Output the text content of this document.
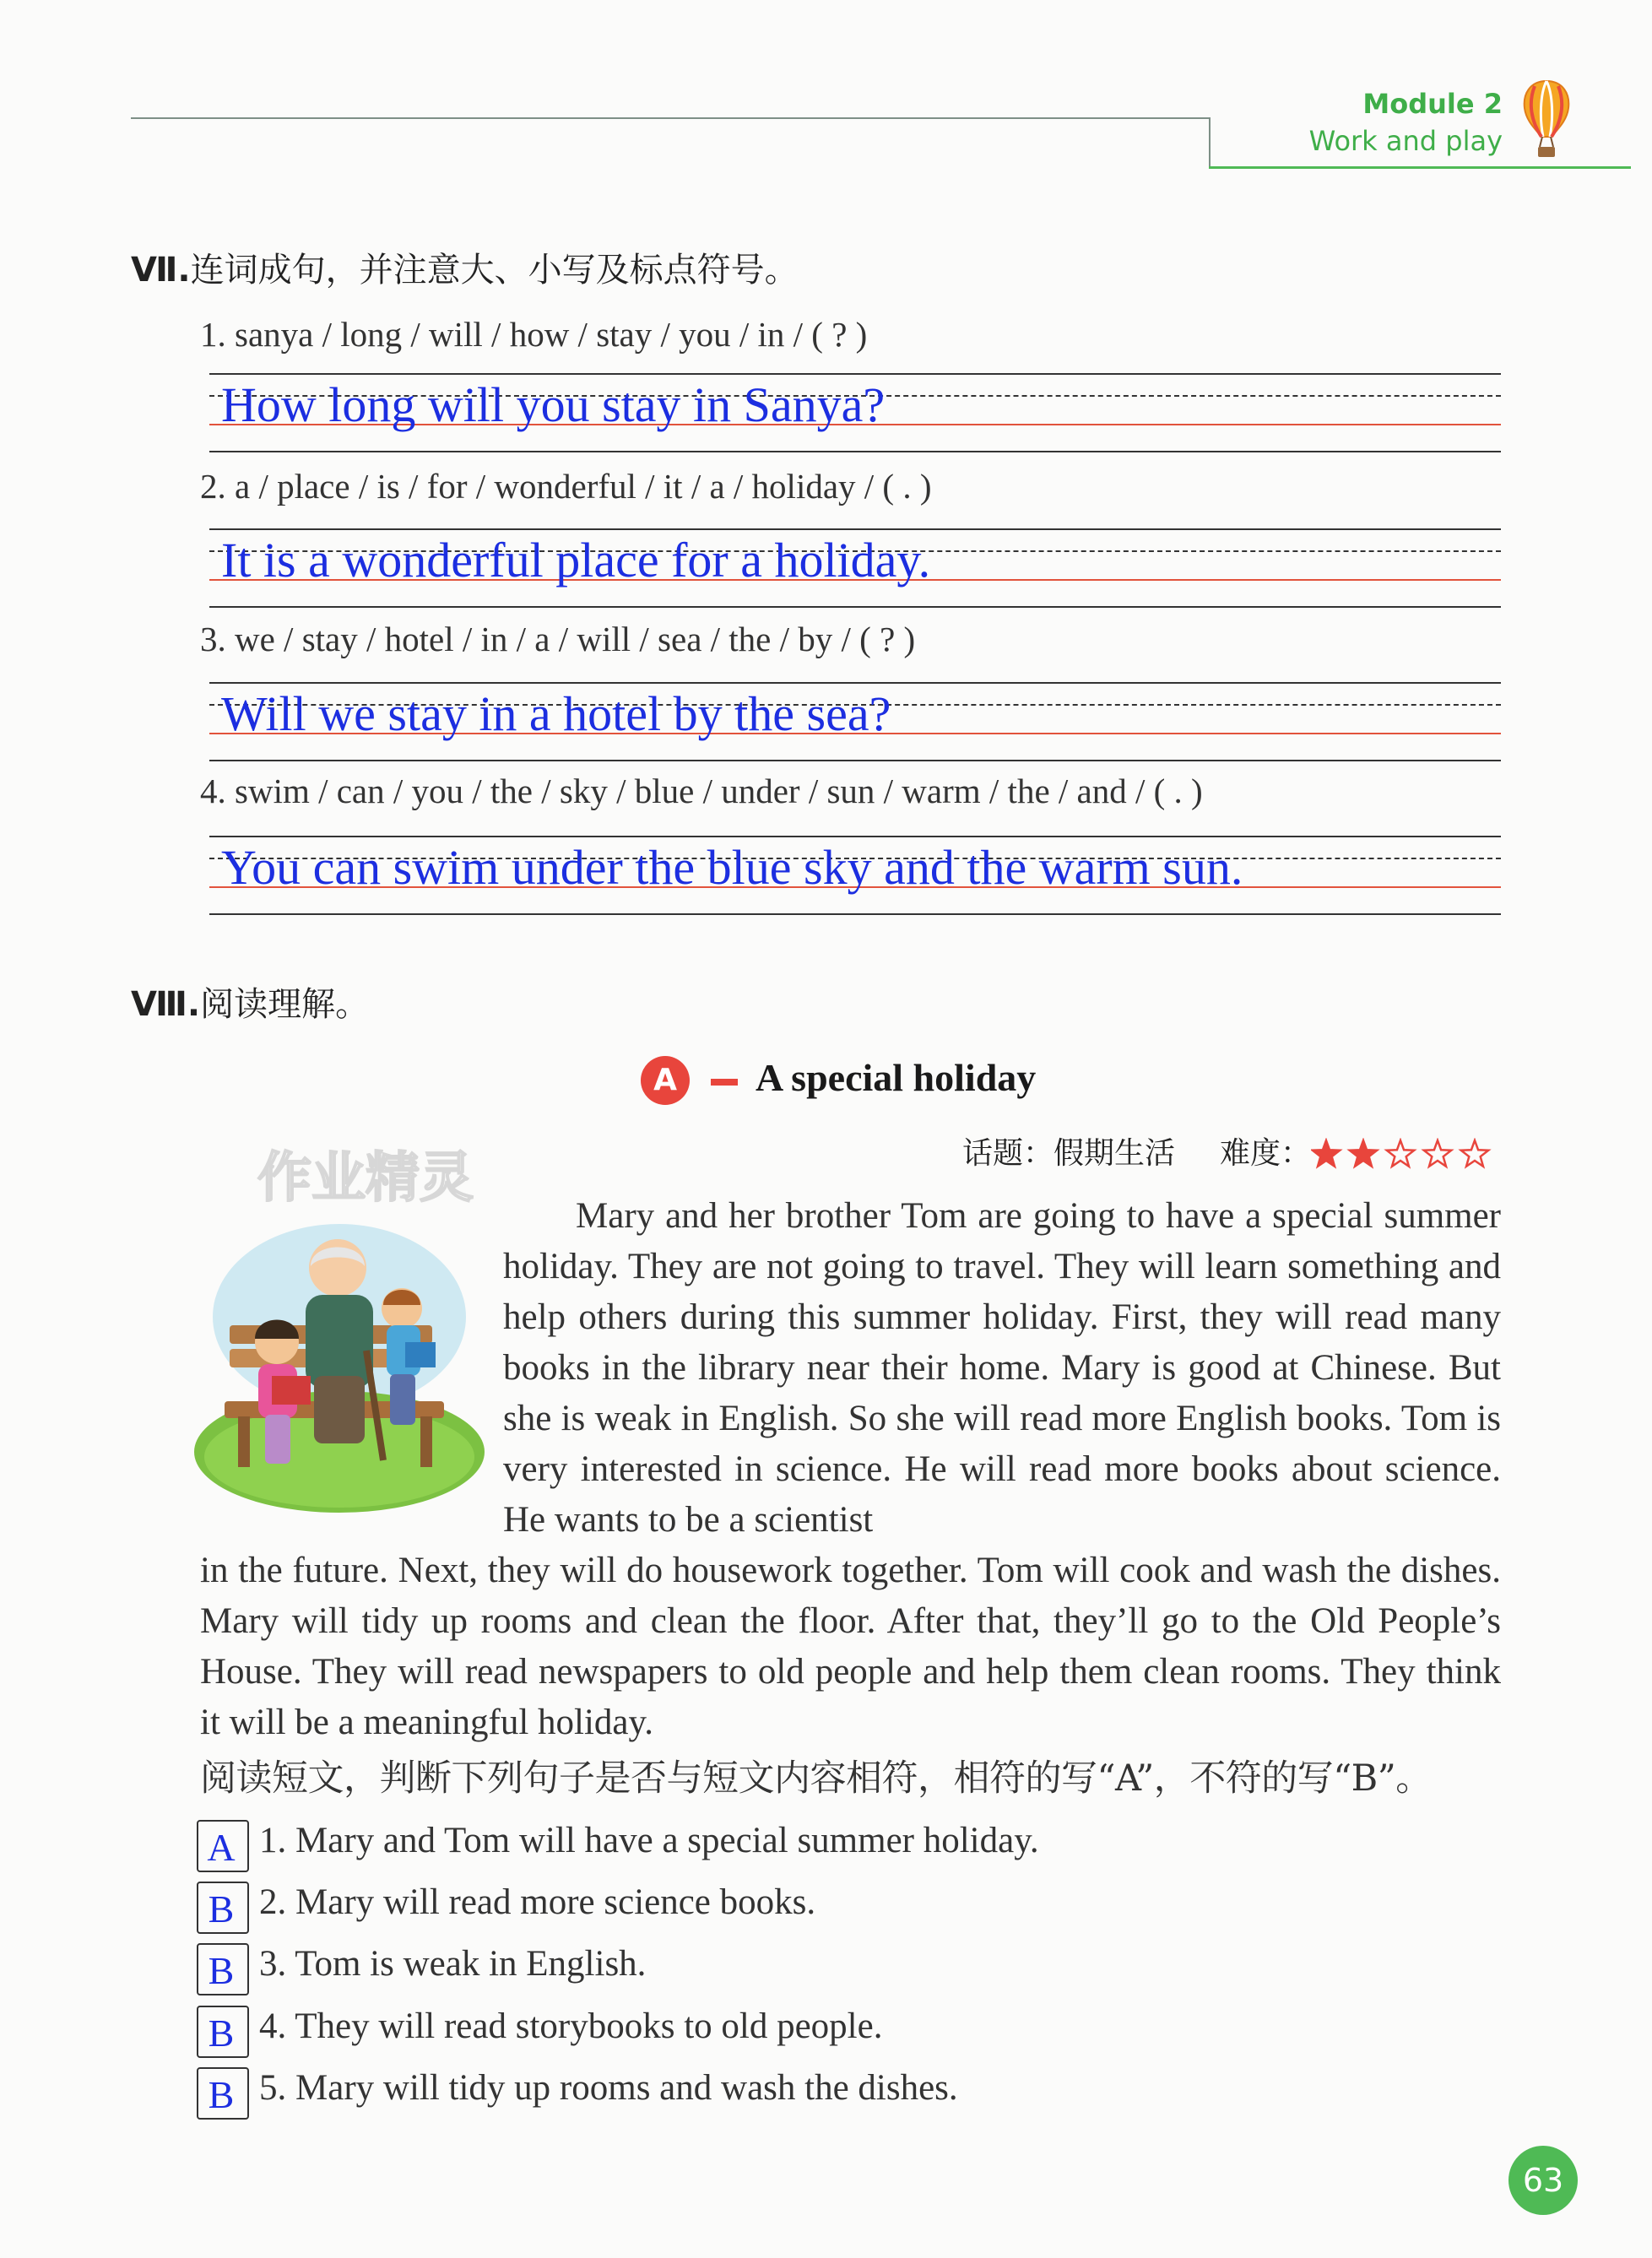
Module 2
Work and play
Ⅶ.连词成句，并注意大、小写及标点符号。
1. sanya / long / will / how / stay / you / in / ( ? )
How long will you stay in Sanya?
2. a / place / is / for / wonderful / it / a / holiday / ( . )
It is a wonderful place for a holiday.
3. we / stay / hotel / in / a / will / sea / the / by / ( ? )
Will we stay in a hotel by the sea?
4. swim / can / you / the / sky / blue / under / sun / warm / the / and / ( . )
You can swim under the blue sky and the warm sun.
Ⅷ.阅读理解。
A	A special holiday
话题：假期生活 难度：
作业精灵
Mary and her brother Tom are going to have a special summer holiday. They are not going to travel. They will learn something and help others during this summer holiday. First, they will read many books in the library near their home. Mary is good at Chinese. But she is weak in English. So she will read more English books. Tom is very interested in science. He will read more books about science. He wants to be a scientist
in the future. Next, they will do housework together. Tom will cook and wash the dishes. Mary will tidy up rooms and clean the floor. After that, they’ll go to the Old People’s House. They will read newspapers to old people and help them clean rooms. They think it will be a meaningful holiday.
阅读短文，判断下列句子是否与短文内容相符，相符的写“A”，不符的写“B”。
A 1. Mary and Tom will have a special summer holiday.
B 2. Mary will read more science books.
B 3. Tom is weak in English.
B 4. They will read storybooks to old people.
B 5. Mary will tidy up rooms and wash the dishes.
63
